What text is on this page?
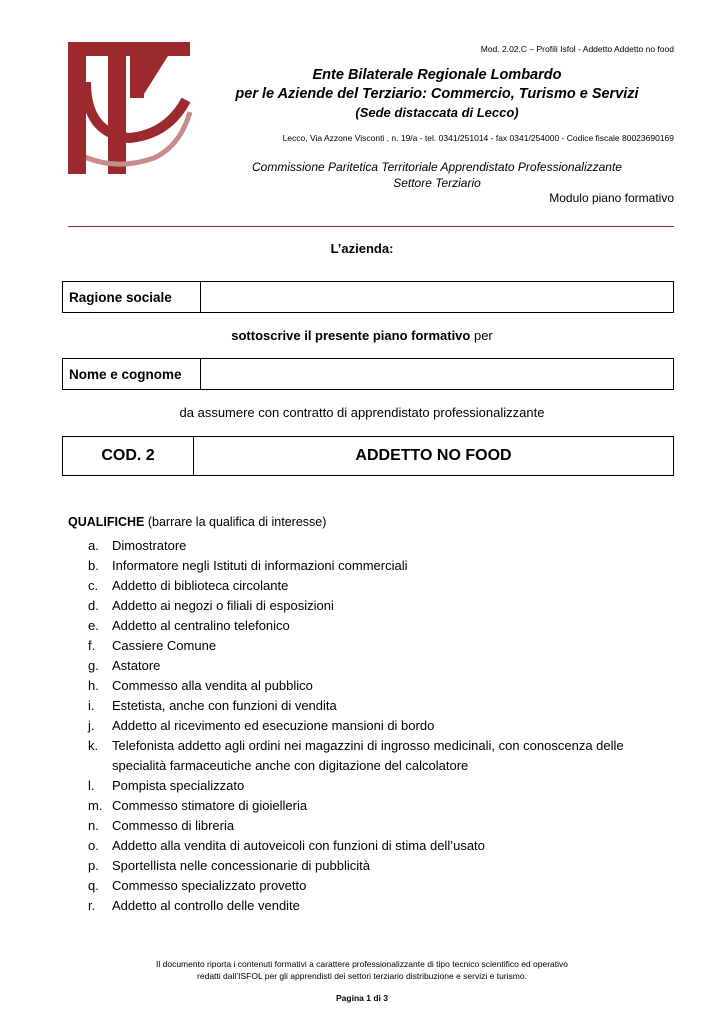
Mod. 2.02.C – Profili Isfol - Addetto Addetto no food
Ente Bilaterale Regionale Lombardo
per le Aziende del Terziario: Commercio, Turismo e Servizi
(Sede distaccata di Lecco)
Lecco, Via Azzone Visconti , n. 19/a - tel. 0341/251014 - fax 0341/254000 - Codice fiscale 80023690169
Commissione Paritetica Territoriale Apprendistato Professionalizzante
Settore Terziario
Modulo piano formativo
L’azienda:
Ragione sociale
sottoscrive il presente piano formativo per
Nome e cognome
da assumere con contratto di apprendistato professionalizzante
COD. 2	ADDETTO NO FOOD
QUALIFICHE (barrare la qualifica di interesse)
a.	Dimostratore
b.	Informatore negli Istituti di informazioni commerciali
c.	Addetto di biblioteca circolante
d.	Addetto ai negozi o filiali di esposizioni
e.	Addetto al centralino telefonico
f.	Cassiere Comune
g.	Astatore
h.	Commesso alla vendita al pubblico
i.	Estetista, anche con funzioni di vendita
j.	Addetto al ricevimento ed esecuzione mansioni di bordo
k.	Telefonista addetto agli ordini nei magazzini di ingrosso medicinali, con conoscenza delle specialità farmaceutiche anche con digitazione del calcolatore
l.	Pompista specializzato
m. Commesso stimatore di gioielleria
n.	Commesso di libreria
o.	Addetto alla vendita di autoveicoli con funzioni di stima dell’usato
p.	Sportellista nelle concessionarie di pubblicità
q.	Commesso specializzato provetto
r.	Addetto al controllo delle vendite
Il documento riporta i contenuti formativi a carattere professionalizzante di tipo tecnico scientifico ed operativo
redatti dall’ISFOL per gli apprendisti dei settori terziario distribuzione e servizi e turismo.
Pagina 1 di 3
